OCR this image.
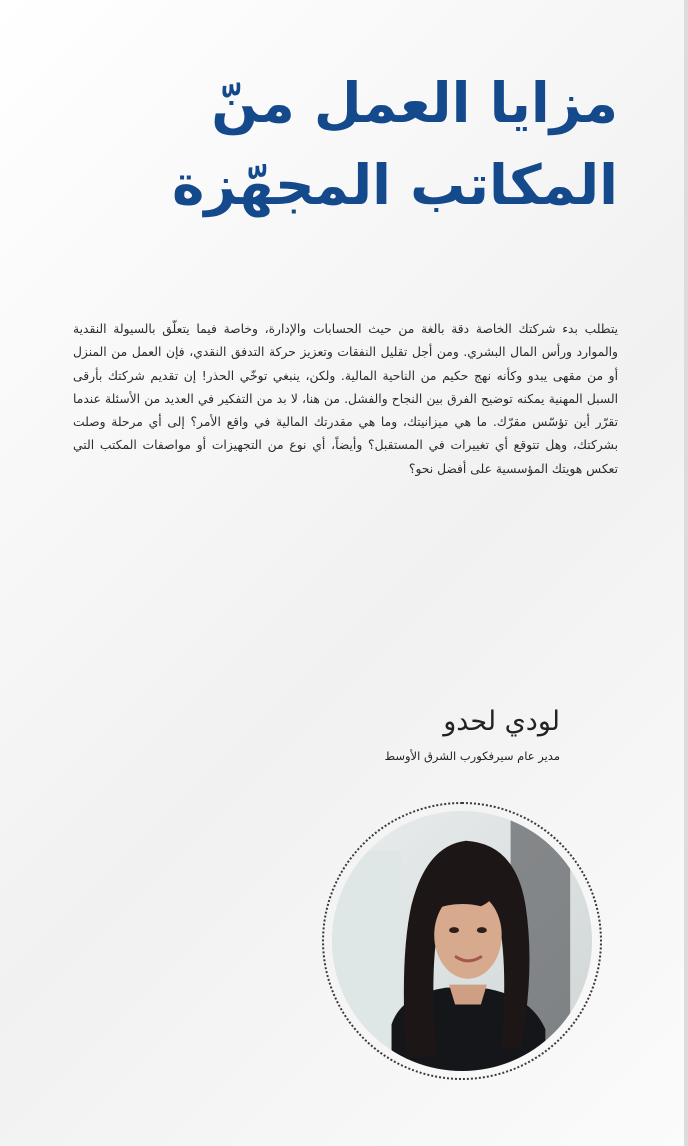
مزايا العمل منّ
المكاتب المجهّزة

يتطلب بدء شركتك الخاصة دقة بالغة من حيث الحسابات والإدارة، وخاصة فيما يتعلّق بالسيولة النقدية والموارد ورأس المال البشري. ومن أجل تقليل النفقات وتعزيز حركة التدفق النقدي، فإن العمل من المنزل أو من مقهى يبدو وكأنه نهج حكيم من الناحية المالية. ولكن، ينبغي توخّي الحذر! إن تقديم شركتك بأرقى السبل المهنية يمكنه توضيح الفرق بين النجاح والفشل. من هنا، لا بد من التفكير في العديد من الأسئلة عندما تقرّر أين تؤسّس مقرّك. ما هي ميزانيتك، وما هي مقدرتك المالية في واقع الأمر؟ إلى أي مرحلة وصلت بشركتك، وهل تتوقع أي تغييرات في المستقبل؟ وأيضاً، أي نوع من التجهيزات أو مواصفات المكتب التي تعكس هويتك المؤسسية على أفضل نحو؟

لودي لحدو
مدير عام سيرفكورب الشرق الأوسط
